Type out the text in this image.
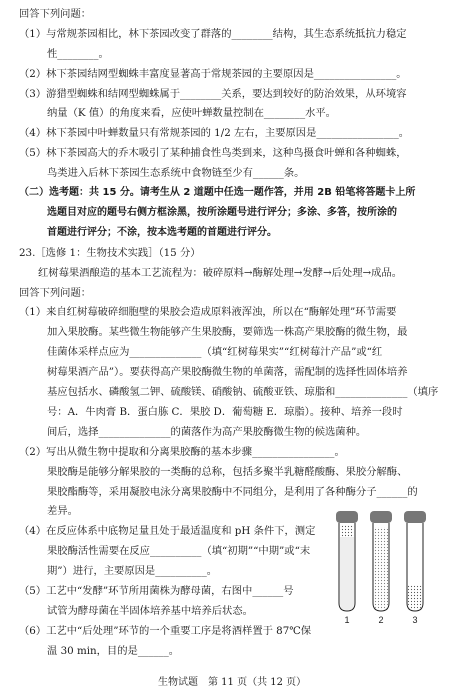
回答下列问题：
（1）与常规茶园相比，林下茶园改变了群落的________结构，其生态系统抵抗力稳定
性________。
（2）林下茶园结网型蜘蛛丰富度显著高于常规茶园的主要原因是________________。
（3）游猎型蜘蛛和结网型蜘蛛属于________关系，要达到较好的防治效果，从环境容
纳量（K 值）的角度来看，应使叶蝉数量控制在________水平。
（4）林下茶园中叶蝉数量只有常规茶园的 1/2 左右，主要原因是________________。
（5）林下茶园高大的乔木吸引了某种捕食性鸟类到来，这种鸟摄食叶蝉和各种蜘蛛，
鸟类进入后林下茶园生态系统中食物链至少有______条。
（二）选考题：共 15 分。请考生从 2 道题中任选一题作答，并用 2B 铅笔将答题卡上所
选题目对应的题号右侧方框涂黑，按所涂题号进行评分；多涂、多答，按所涂的
首题进行评分；不涂，按本选考题的首题进行评分。
23.［选修 1：生物技术实践］（15 分）
红树莓果酒酿造的基本工艺流程为：破碎原料→酶解处理→发酵→后处理→成品。
回答下列问题：
（1）来自红树莓破碎细胞壁的果胶会造成原料液浑浊，所以在“酶解处理”环节需要
加入果胶酶。某些微生物能够产生果胶酶，要筛选一株高产果胶酶的微生物，最
佳菌体采样点应为______________（填“红树莓果实”“红树莓汁产品”或“红
树莓果酒产品”）。要获得高产果胶酶微生物的单菌落，需配制的选择性固体培养
基应包括水、磷酸氢二钾、硫酸镁、硝酸钠、硫酸亚铁、琼脂和______________（填序
号：A．牛肉膏 B．蛋白胨 C．果胶 D．葡萄糖 E．琼脂）。接种、培养一段时
间后，选择______________的菌落作为高产果胶酶微生物的候选菌种。
（2）写出从微生物中提取和分离果胶酶的基本步骤________________。
果胶酶是能够分解果胶的一类酶的总称，包括多聚半乳糖醛酸酶、果胶分解酶、
果胶酯酶等，采用凝胶电泳分离果胶酶中不同组分，是利用了各种酶分子______的
差异。
（4）在反应体系中底物足量且处于最适温度和 pH 条件下，测定
果胶酶活性需要在反应__________（填“初期”“中期”或“末
期”）进行，主要原因是__________。
（5）工艺中“发酵”环节所用菌株为酵母菌，右图中______号
试管为酵母菌在半固体培养基中培养后状态。
（6）工艺中“后处理”环节的一个重要工序是将酒样置于 87℃保
温 30 min，目的是______。
1	2	3
生物试题　第 11 页（共 12 页）
